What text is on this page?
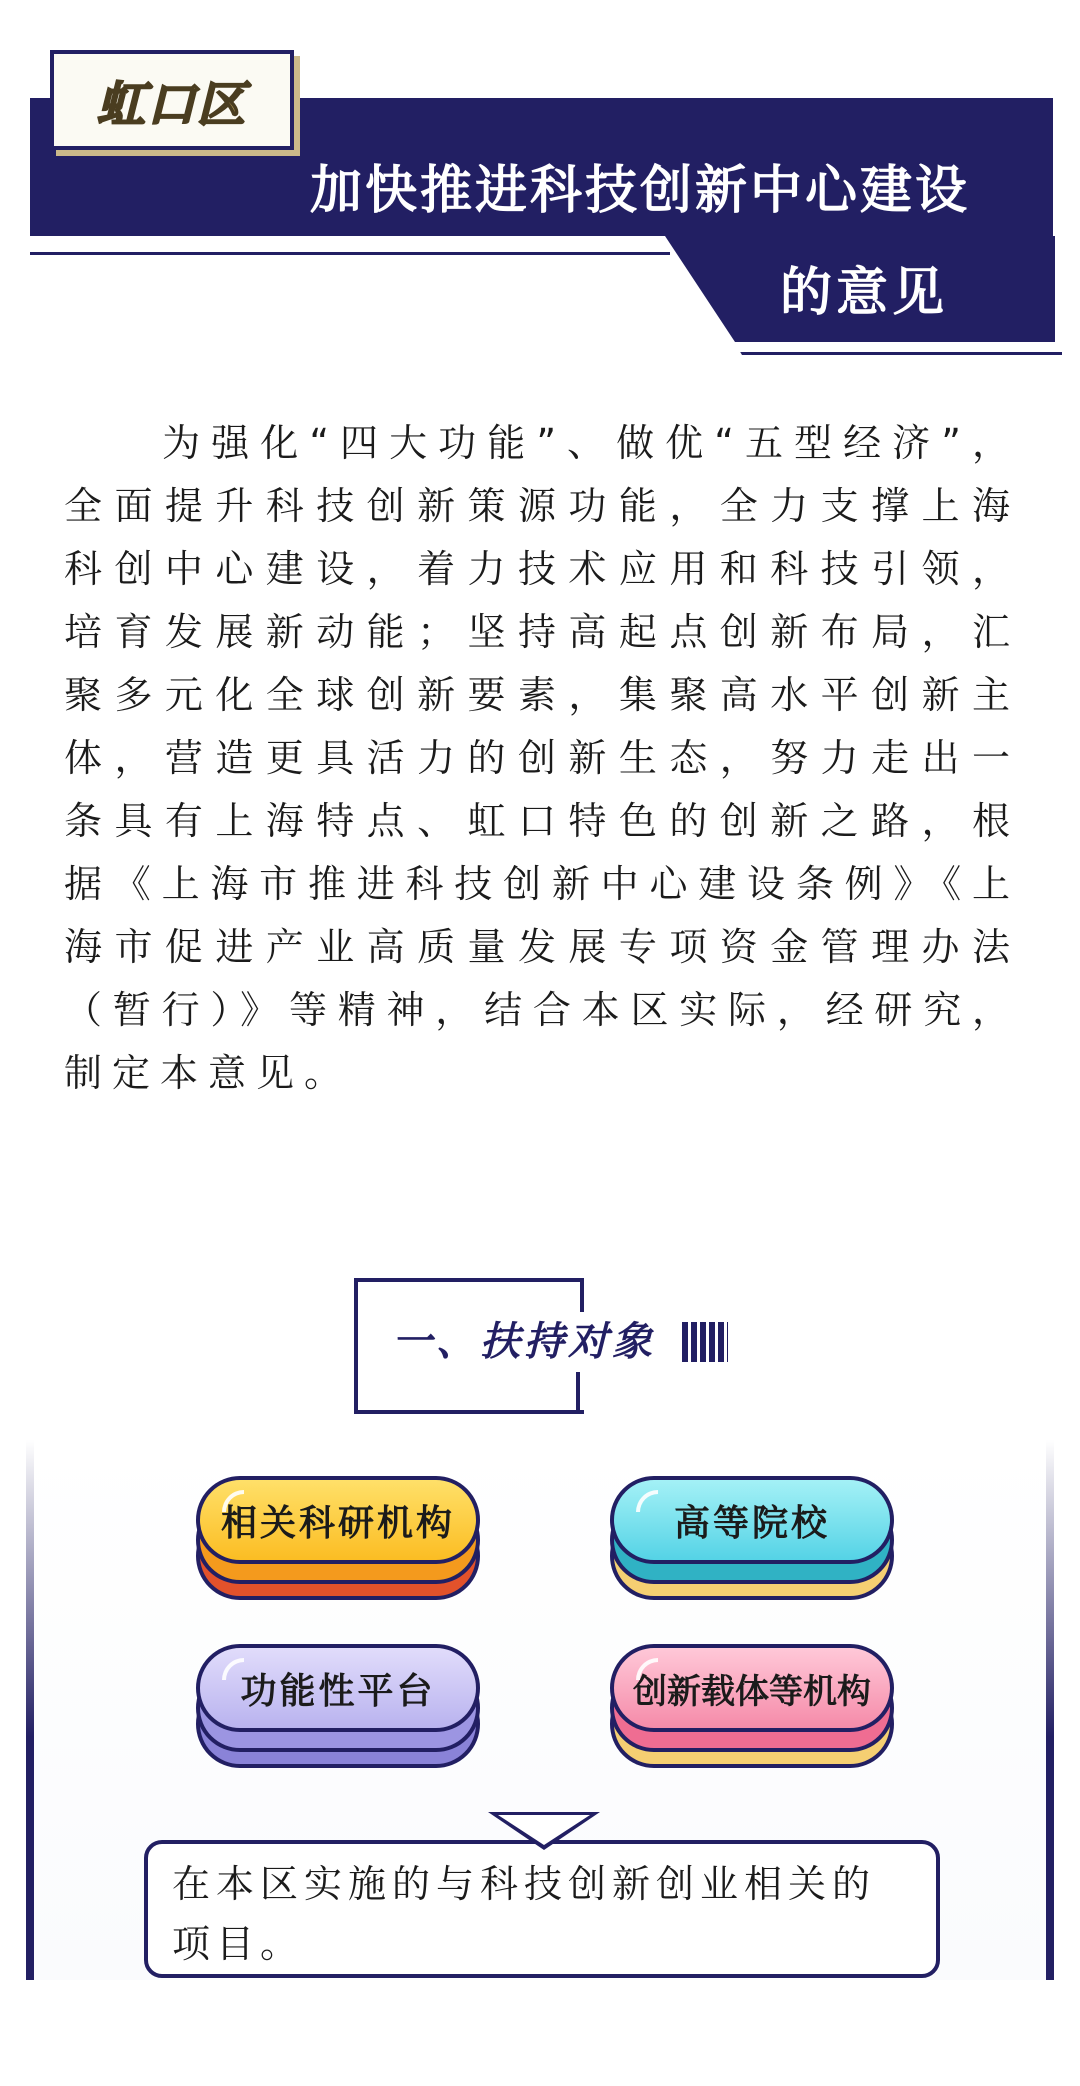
虹口区
加快推进科技创新中心建设
的意见
　　为强化“四大功能”、做优“五型经济”，全面提升科技创新策源功能，全力支撑上海科创中心建设，着力技术应用和科技引领，培育发展新动能；坚持高起点创新布局，汇聚多元化全球创新要素，集聚高水平创新主体，营造更具活力的创新生态，努力走出一条具有上海特点、虹口特色的创新之路，根据《上海市推进科技创新中心建设条例》《上海市促进产业高质量发展专项资金管理办法（暂行）》等精神，结合本区实际，经研究，制定本意见。
一、扶持对象
相关科研机构	高等院校
功能性平台	创新载体等机构

在本区实施的与科技创新创业相关的项目。
